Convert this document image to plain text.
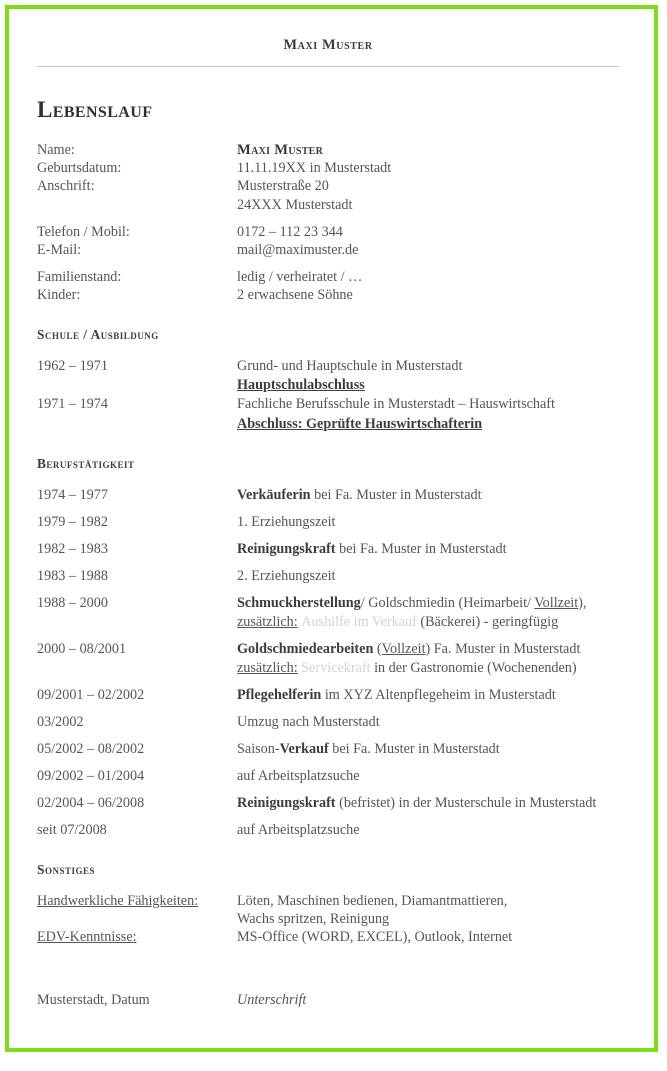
Maxi Muster
Lebenslauf
Name:	Maxi Muster
Geburtsdatum:	11.11.19XX in Musterstadt
Anschrift:	Musterstraße 20
24XXX Musterstadt
Telefon / Mobil:	0172 – 112 23 344
E-Mail:	mail@maximuster.de
Familienstand:	ledig / verheiratet / …
Kinder:	2 erwachsene Söhne
Schule / Ausbildung
1962 – 1971	Grund- und Hauptschule in Musterstadt
Hauptschulabschluss
1971 – 1974	Fachliche Berufsschule in Musterstadt – Hauswirtschaft
Abschluss: Geprüfte Hauswirtschafterin
Berufstätigkeit
1974 – 1977	Verkäuferin bei Fa. Muster in Musterstadt
1979 – 1982	1. Erziehungszeit
1982 – 1983	Reinigungskraft bei Fa. Muster in Musterstadt
1983 – 1988	2. Erziehungszeit
1988 – 2000	Schmuckherstellung/ Goldschmiedin (Heimarbeit/ Vollzeit),
zusätzlich: Aushilfe im Verkauf (Bäckerei) - geringfügig
2000 – 08/2001	Goldschmiedearbeiten (Vollzeit) Fa. Muster in Musterstadt
zusätzlich: Servicekraft in der Gastronomie (Wochenenden)
09/2001 – 02/2002	Pflegehelferin im XYZ Altenpflegeheim in Musterstadt
03/2002	Umzug nach Musterstadt
05/2002 – 08/2002	Saison-Verkauf bei Fa. Muster in Musterstadt
09/2002 – 01/2004	auf Arbeitsplatzsuche
02/2004 – 06/2008	Reinigungskraft (befristet) in der Musterschule in Musterstadt
seit 07/2008	auf Arbeitsplatzsuche
Sonstiges
Handwerkliche Fähigkeiten:	Löten, Maschinen bedienen, Diamantmattieren,
Wachs spritzen, Reinigung
EDV-Kenntnisse:	MS-Office (WORD, EXCEL), Outlook, Internet
Musterstadt, Datum	Unterschrift
